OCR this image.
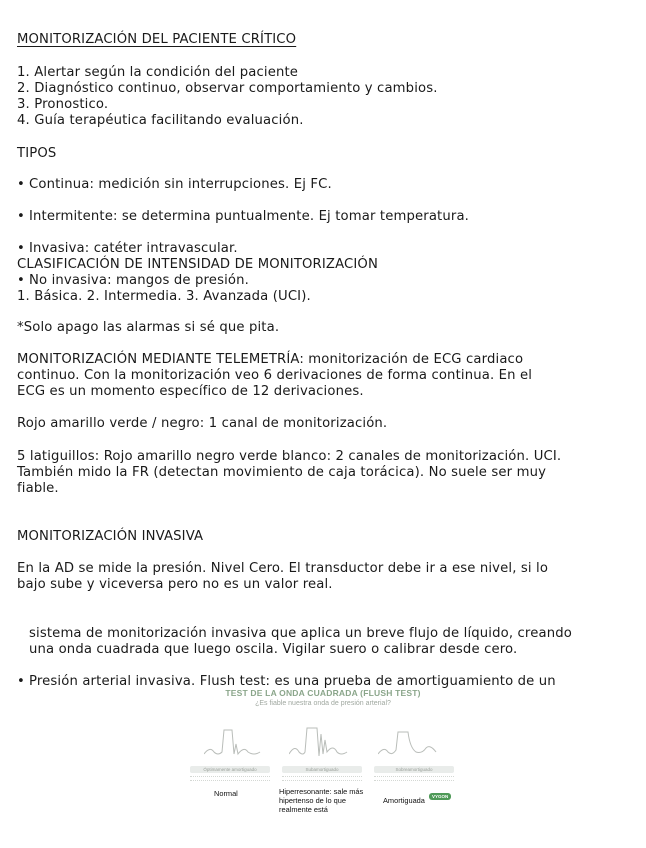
MONITORIZACIÓN DEL PACIENTE CRÍTICO

1. Alertar según la condición del paciente

2. Diagnóstico continuo, observar comportamiento y cambios.

3. Pronostico.

4. Guía terapéutica facilitando evaluación.

TIPOS

• Continua: medición sin interrupciones. Ej FC.

• Intermitente: se determina puntualmente. Ej tomar temperatura.

• Invasiva: catéter intravascular.

• No invasiva: mangos de presión.

CLASIFICACIÓN DE INTENSIDAD DE MONITORIZACIÓN

1. Básica. 2. Intermedia. 3. Avanzada (UCI).

*Solo apago las alarmas si sé que pita.

MONITORIZACIÓN MEDIANTE TELEMETRÍA: monitorización de ECG cardiaco

continuo. Con la monitorización veo 6 derivaciones de forma continua. En el

ECG es un momento específico de 12 derivaciones.

Rojo amarillo verde / negro: 1 canal de monitorización.

5 latiguillos: Rojo amarillo negro verde blanco: 2 canales de monitorización. UCI.

También mido la FR (detectan movimiento de caja torácica). No suele ser muy

fiable.

MONITORIZACIÓN INVASIVA

En la AD se mide la presión. Nivel Cero. El transductor debe ir a ese nivel, si lo

bajo sube y viceversa pero no es un valor real.

• Presión arterial invasiva. Flush test: es una prueba de amortiguamiento de un

sistema de monitorización invasiva que aplica un breve flujo de líquido, creando

una onda cuadrada que luego oscila. Vigilar suero o calibrar desde cero.

TEST DE LA ONDA CUADRADA (FLUSH TEST)
¿Es fiable nuestra onda de presión arterial?
Óptimamente amortiguado	Subamortiguado	Sobreamortiguado
Normal	Hiperresonante: sale más
hipertenso de lo que
realmente está
Amortiguada	VYGON
